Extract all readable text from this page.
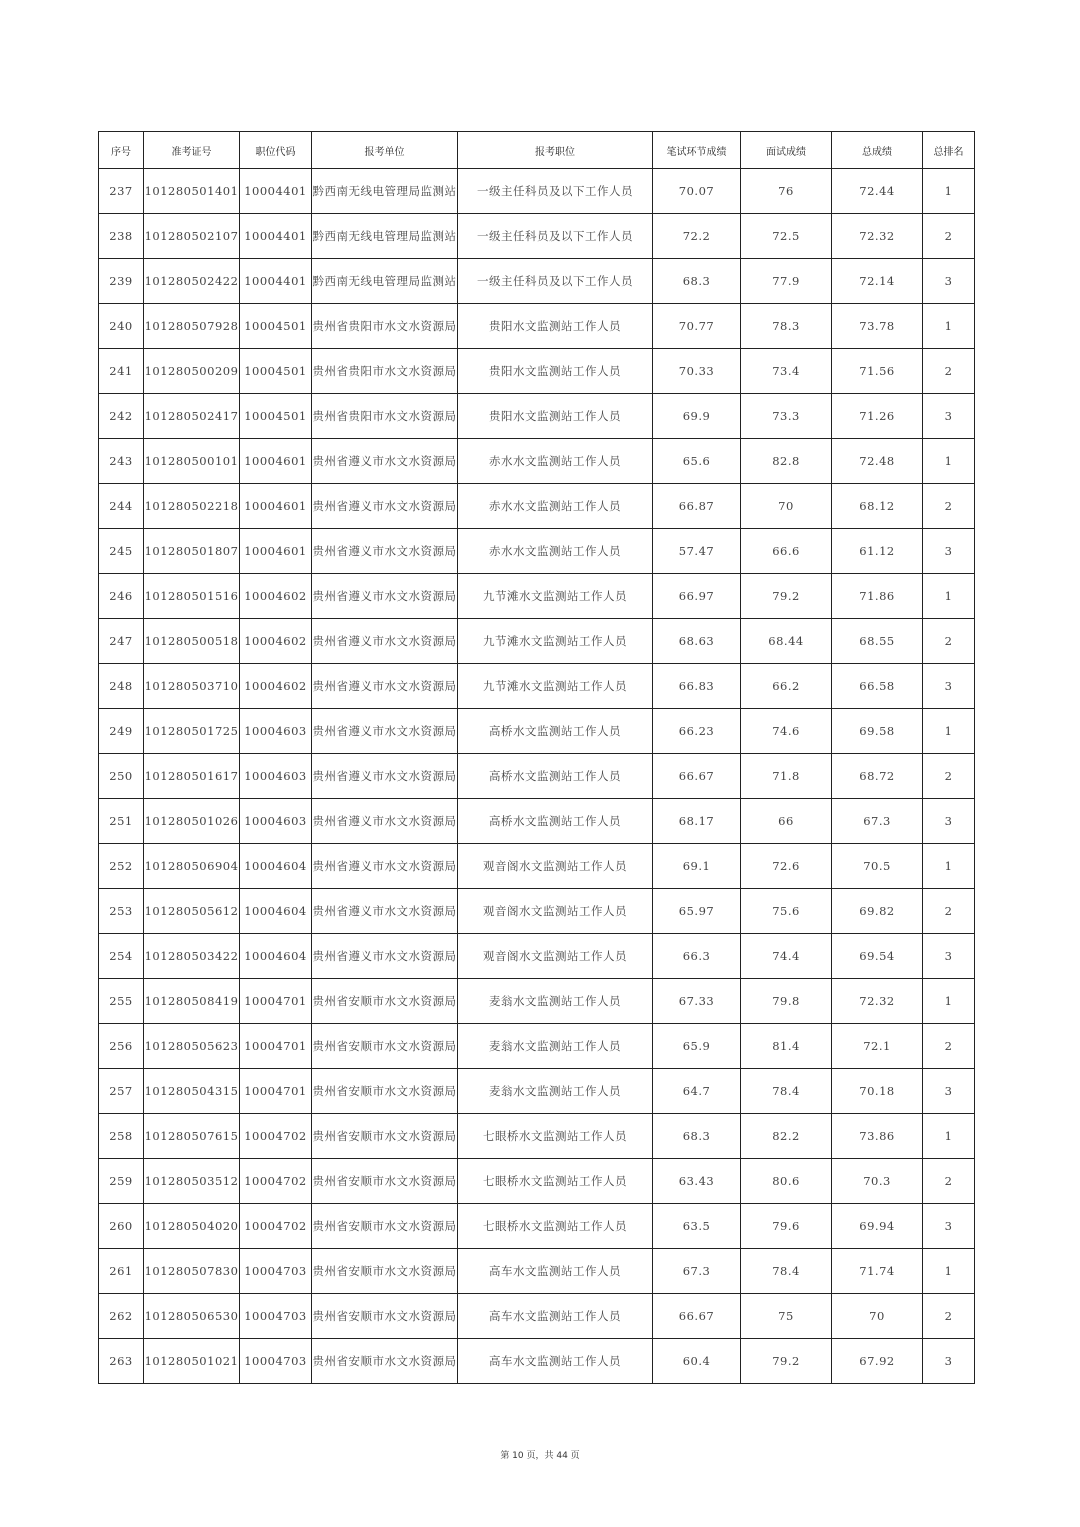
序号	准考证号	职位代码	报考单位	报考职位	笔试环节成绩	面试成绩	总成绩	总排名
237	101280501401	10004401	黔西南无线电管理局监测站	一级主任科员及以下工作人员	70.07	76	72.44	1
238	101280502107	10004401	黔西南无线电管理局监测站	一级主任科员及以下工作人员	72.2	72.5	72.32	2
239	101280502422	10004401	黔西南无线电管理局监测站	一级主任科员及以下工作人员	68.3	77.9	72.14	3
240	101280507928	10004501	贵州省贵阳市水文水资源局	贵阳水文监测站工作人员	70.77	78.3	73.78	1
241	101280500209	10004501	贵州省贵阳市水文水资源局	贵阳水文监测站工作人员	70.33	73.4	71.56	2
242	101280502417	10004501	贵州省贵阳市水文水资源局	贵阳水文监测站工作人员	69.9	73.3	71.26	3
243	101280500101	10004601	贵州省遵义市水文水资源局	赤水水文监测站工作人员	65.6	82.8	72.48	1
244	101280502218	10004601	贵州省遵义市水文水资源局	赤水水文监测站工作人员	66.87	70	68.12	2
245	101280501807	10004601	贵州省遵义市水文水资源局	赤水水文监测站工作人员	57.47	66.6	61.12	3
246	101280501516	10004602	贵州省遵义市水文水资源局	九节滩水文监测站工作人员	66.97	79.2	71.86	1
247	101280500518	10004602	贵州省遵义市水文水资源局	九节滩水文监测站工作人员	68.63	68.44	68.55	2
248	101280503710	10004602	贵州省遵义市水文水资源局	九节滩水文监测站工作人员	66.83	66.2	66.58	3
249	101280501725	10004603	贵州省遵义市水文水资源局	高桥水文监测站工作人员	66.23	74.6	69.58	1
250	101280501617	10004603	贵州省遵义市水文水资源局	高桥水文监测站工作人员	66.67	71.8	68.72	2
251	101280501026	10004603	贵州省遵义市水文水资源局	高桥水文监测站工作人员	68.17	66	67.3	3
252	101280506904	10004604	贵州省遵义市水文水资源局	观音阁水文监测站工作人员	69.1	72.6	70.5	1
253	101280505612	10004604	贵州省遵义市水文水资源局	观音阁水文监测站工作人员	65.97	75.6	69.82	2
254	101280503422	10004604	贵州省遵义市水文水资源局	观音阁水文监测站工作人员	66.3	74.4	69.54	3
255	101280508419	10004701	贵州省安顺市水文水资源局	麦翁水文监测站工作人员	67.33	79.8	72.32	1
256	101280505623	10004701	贵州省安顺市水文水资源局	麦翁水文监测站工作人员	65.9	81.4	72.1	2
257	101280504315	10004701	贵州省安顺市水文水资源局	麦翁水文监测站工作人员	64.7	78.4	70.18	3
258	101280507615	10004702	贵州省安顺市水文水资源局	七眼桥水文监测站工作人员	68.3	82.2	73.86	1
259	101280503512	10004702	贵州省安顺市水文水资源局	七眼桥水文监测站工作人员	63.43	80.6	70.3	2
260	101280504020	10004702	贵州省安顺市水文水资源局	七眼桥水文监测站工作人员	63.5	79.6	69.94	3
261	101280507830	10004703	贵州省安顺市水文水资源局	高车水文监测站工作人员	67.3	78.4	71.74	1
262	101280506530	10004703	贵州省安顺市水文水资源局	高车水文监测站工作人员	66.67	75	70	2
263	101280501021	10004703	贵州省安顺市水文水资源局	高车水文监测站工作人员	60.4	79.2	67.92	3
第 10 页，共 44 页
